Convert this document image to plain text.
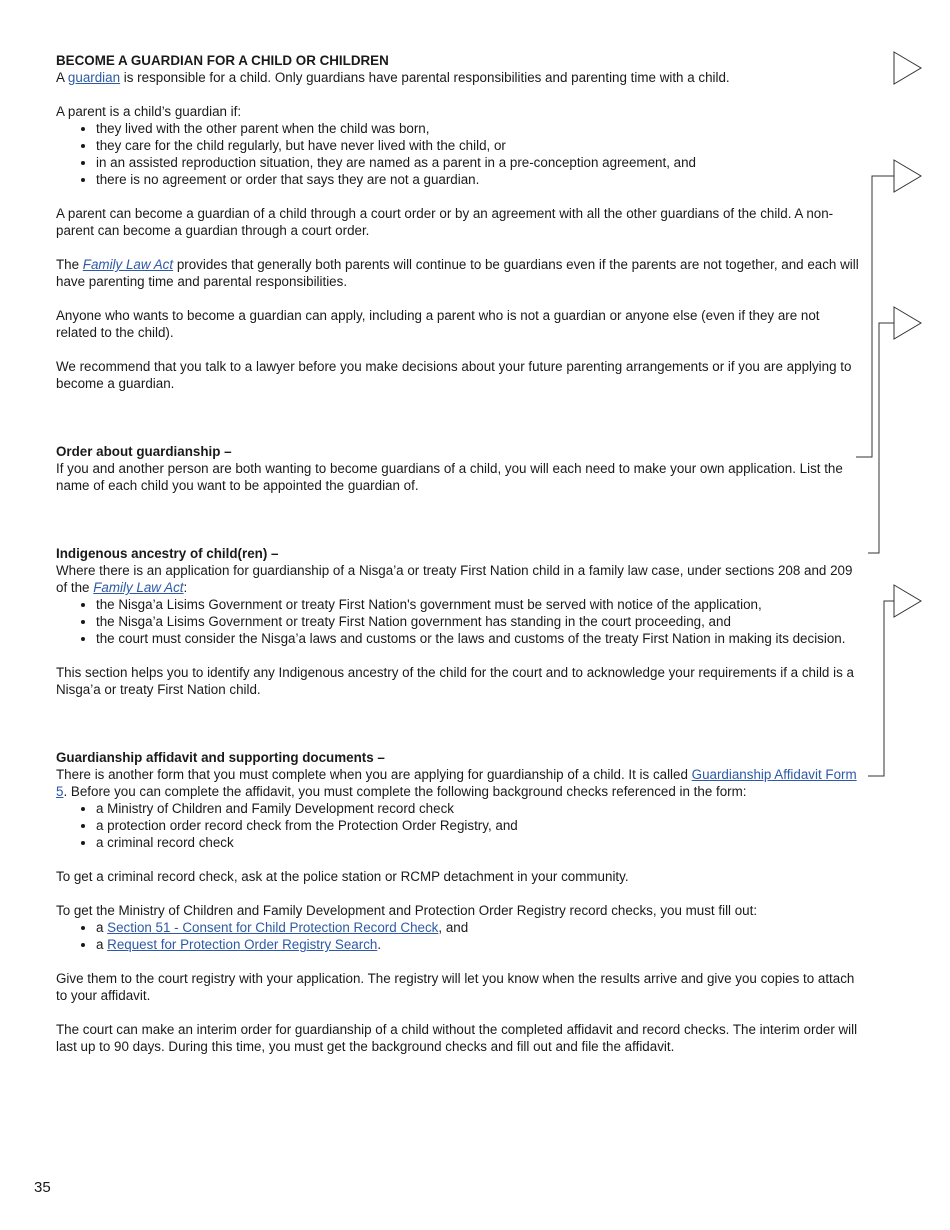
BECOME A GUARDIAN FOR A CHILD OR CHILDREN

A guardian is responsible for a child. Only guardians have parental responsibilities and parenting time with a child.

A parent is a child’s guardian if:

• they lived with the other parent when the child was born,
• they care for the child regularly, but have never lived with the child, or
• in an assisted reproduction situation, they are named as a parent in a pre-conception agreement, and
• there is no agreement or order that says they are not a guardian.

A parent can become a guardian of a child through a court order or by an agreement with all the other guardians of the child. A non-parent can become a guardian through a court order.

The Family Law Act provides that generally both parents will continue to be guardians even if the parents are not together, and each will have parenting time and parental responsibilities.

Anyone who wants to become a guardian can apply, including a parent who is not a guardian or anyone else (even if they are not related to the child).

We recommend that you talk to a lawyer before you make decisions about your future parenting arrangements or if you are applying to become a guardian.

Order about guardianship –

If you and another person are both wanting to become guardians of a child, you will each need to make your own application. List the name of each child you want to be appointed the guardian of.

Indigenous ancestry of child(ren) –

Where there is an application for guardianship of a Nisga’a or treaty First Nation child in a family law case, under sections 208 and 209 of the Family Law Act:

• the Nisga’a Lisims Government or treaty First Nation's government must be served with notice of the application,
• the Nisga’a Lisims Government or treaty First Nation government has standing in the court proceeding, and
• the court must consider the Nisga’a laws and customs or the laws and customs of the treaty First Nation in making its decision.

This section helps you to identify any Indigenous ancestry of the child for the court and to acknowledge your requirements if a child is a Nisga’a or treaty First Nation child.

Guardianship affidavit and supporting documents –

There is another form that you must complete when you are applying for guardianship of a child. It is called Guardianship Affidavit Form 5. Before you can complete the affidavit, you must complete the following background checks referenced in the form:

• a Ministry of Children and Family Development record check
• a protection order record check from the Protection Order Registry, and
• a criminal record check

To get a criminal record check, ask at the police station or RCMP detachment in your community.

To get the Ministry of Children and Family Development and Protection Order Registry record checks, you must fill out:

• a Section 51 - Consent for Child Protection Record Check, and
• a Request for Protection Order Registry Search.

Give them to the court registry with your application. The registry will let you know when the results arrive and give you copies to attach to your affidavit.

The court can make an interim order for guardianship of a child without the completed affidavit and record checks. The interim order will last up to 90 days. During this time, you must get the background checks and fill out and file the affidavit.

35
